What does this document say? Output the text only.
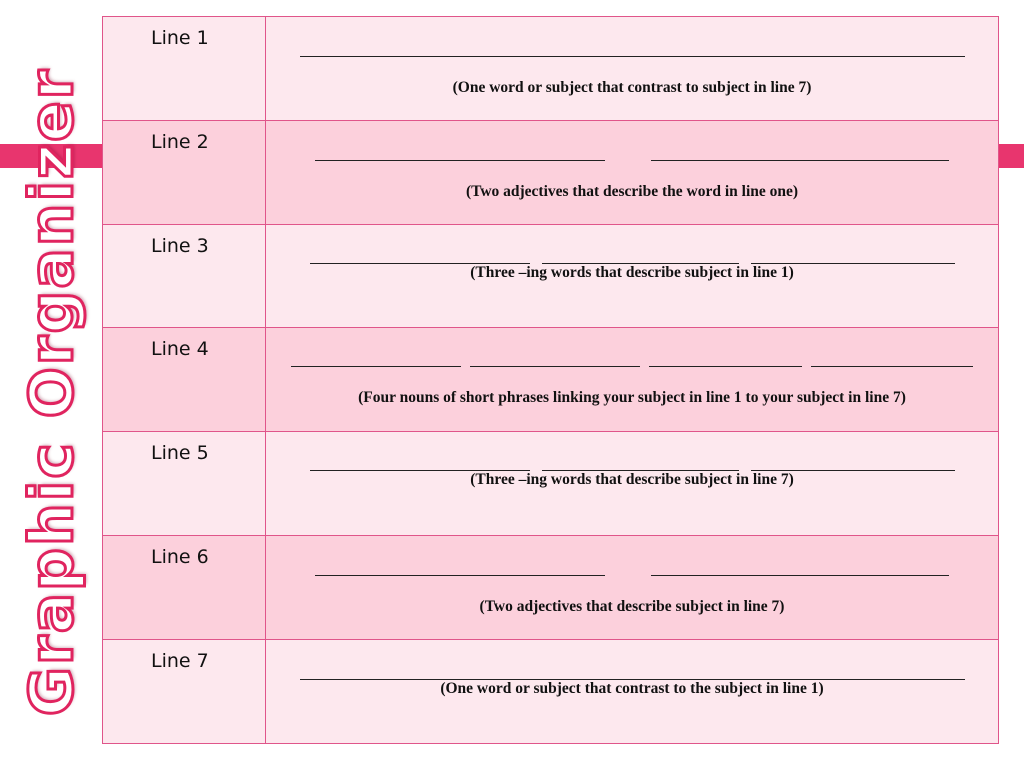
Graphic Organizer
Line 1	(One word or subject that contrast to subject in line 7)

Line 2	(Two adjectives that describe the word in line one)

Line 3	(Three –ing words that describe subject in line 1)

Line 4	(Four nouns of short phrases linking your subject in line 1 to your subject in line 7)

Line 5	(Three –ing words that describe subject in line 7)

Line 6	(Two adjectives that describe subject in line 7)

Line 7	(One word or subject that contrast to the subject in line 1)
